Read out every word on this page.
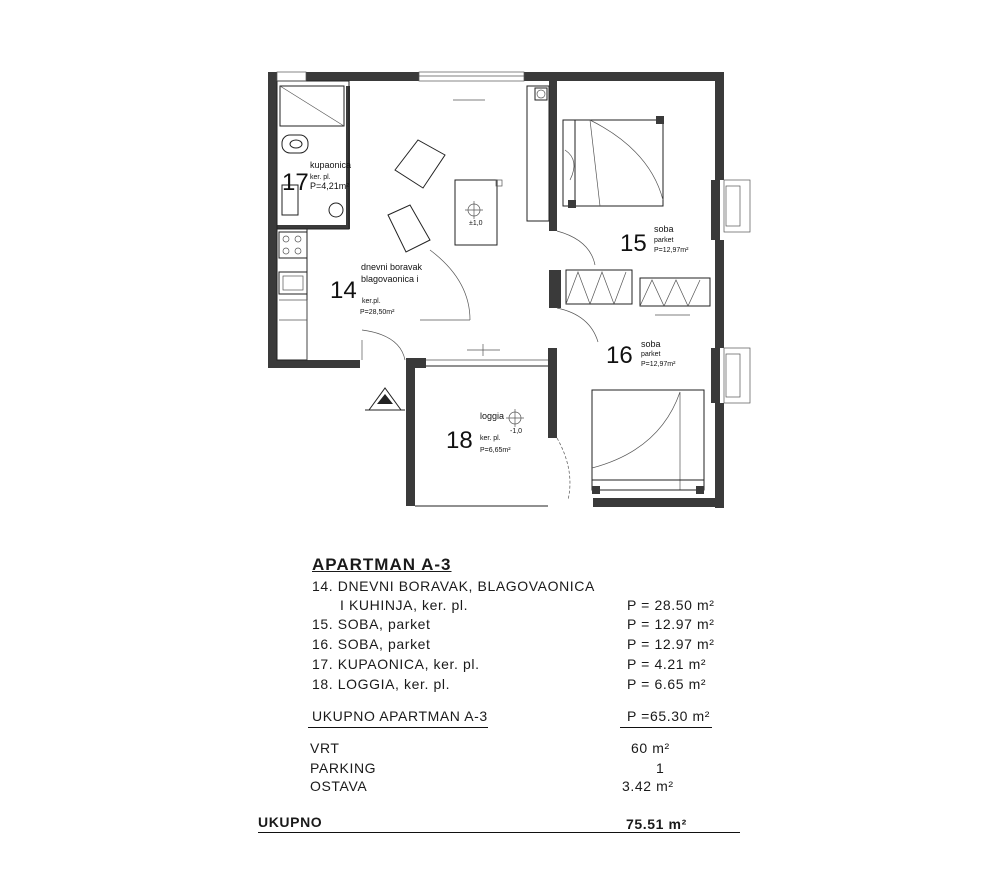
±1,0
-1,0
17
kupaonica
ker. pl.
P=4,21m²
dnevni boravak
blagovaonica i
14 ker.pl.
P=28,50m²
15
soba
parket
P=12,97m²
16 soba
parket
P=12,97m²
loggia
18 ker. pl.
P=6,65m²
APARTMAN A-3
14. DNEVNI BORAVAK, BLAGOVAONICA
I KUHINJA, ker. pl.	P = 28.50 m²
15. SOBA, parket	P = 12.97 m²
16. SOBA, parket	P = 12.97 m²
17. KUPAONICA, ker. pl.	P = 4.21 m²
18. LOGGIA, ker. pl.	P = 6.65 m²
UKUPNO APARTMAN A-3	P =65.30 m²
VRT	60 m²
PARKING	1
OSTAVA	3.42 m²
UKUPNO	75.51 m²
